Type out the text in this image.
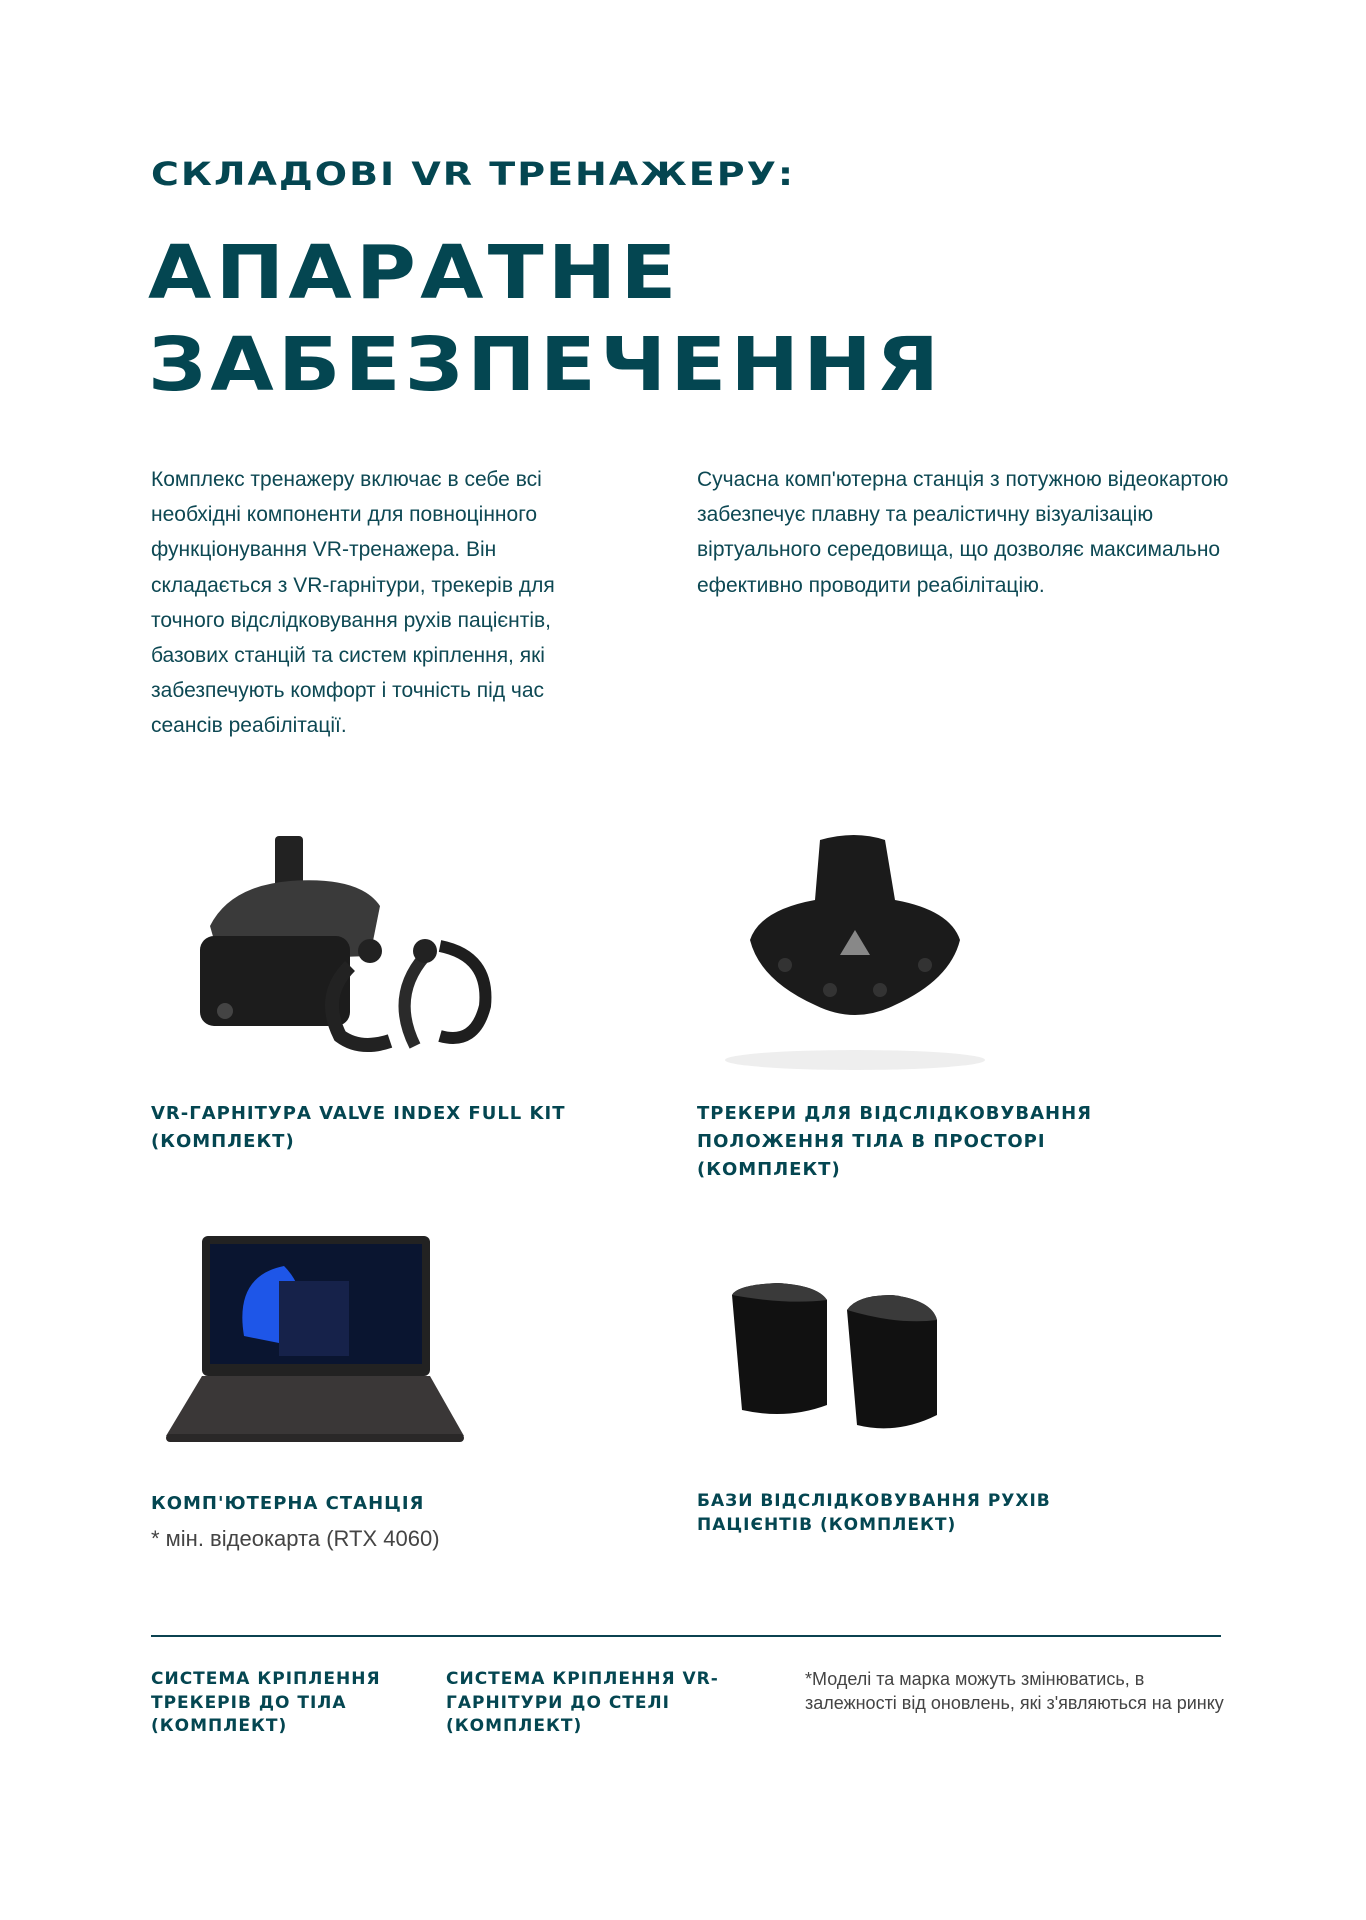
СКЛАДОВІ VR ТРЕНАЖЕРУ:
АПАРАТНЕ
ЗАБЕЗПЕЧЕННЯ
Комплекс тренажеру включає в себе всі необхідні компоненти для повноцінного функціонування VR-тренажера. Він складається з VR-гарнітури, трекерів для точного відслідковування рухів пацієнтів, базових станцій та систем кріплення, які забезпечують комфорт і точність під час сеансів реабілітації.
Сучасна комп'ютерна станція з потужною відеокартою забезпечує плавну та реалістичну візуалізацію віртуального середовища, що дозволяє максимально ефективно проводити реабілітацію.
VR-ГАРНІТУРА VALVE INDEX FULL KIT (КОМПЛЕКТ)
ТРЕКЕРИ ДЛЯ ВІДСЛІДКОВУВАННЯ ПОЛОЖЕННЯ ТІЛА В ПРОСТОРІ (КОМПЛЕКТ)
КОМП'ЮТЕРНА СТАНЦІЯ
* мін. відеокарта (RTX 4060)
БАЗИ ВІДСЛІДКОВУВАННЯ РУХІВ ПАЦІЄНТІВ (КОМПЛЕКТ)
СИСТЕМА КРІПЛЕННЯ ТРЕКЕРІВ ДО ТІЛА (КОМПЛЕКТ)
СИСТЕМА КРІПЛЕННЯ VR-ГАРНІТУРИ ДО СТЕЛІ (КОМПЛЕКТ)
*Моделі та марка можуть змінюватись, в залежності від оновлень, які з'являються на ринку
